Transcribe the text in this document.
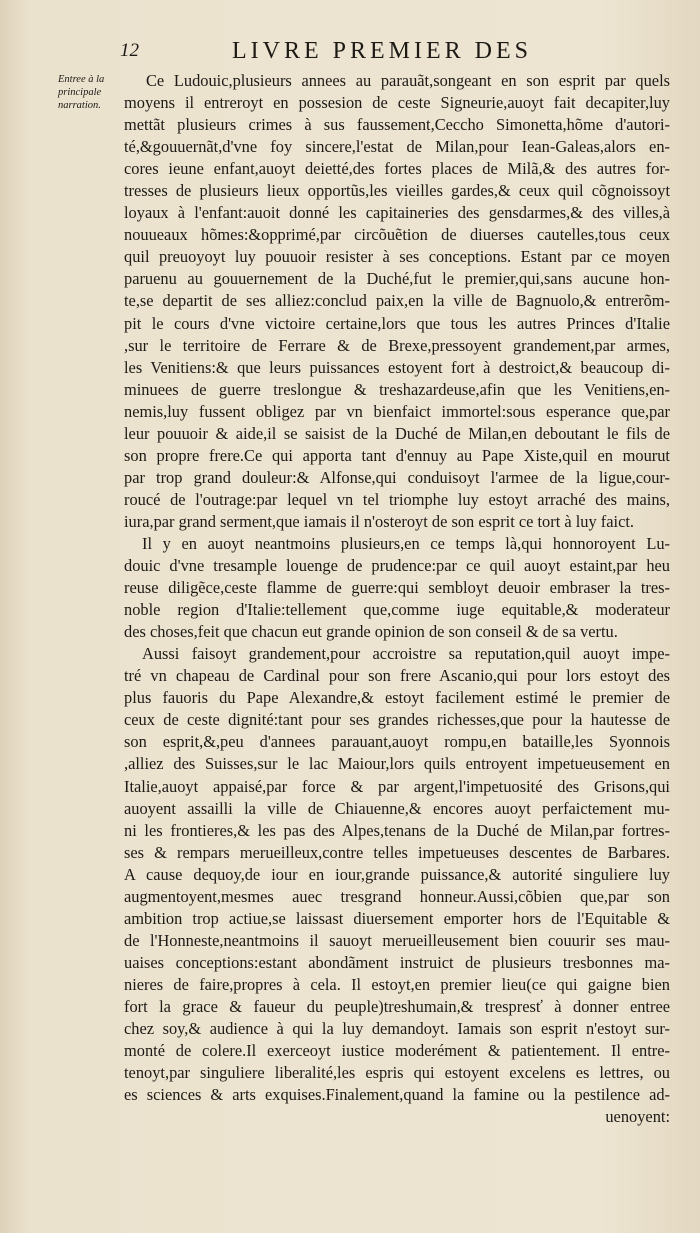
12	LIVRE PREMIER DES
Entree à la
principale
narration.
Ce Ludouic,plusieurs annees au parauãt,songeant en son esprit par quels
moyens il entreroyt en possesion de ceste Signeurie,auoyt fait decapiter,luy
mettãt plusieurs crimes à sus faussement,Ceccho Simonetta,hõme d'autori-
té,&gouuernãt,d'vne foy sincere,l'estat de Milan,pour Iean-Galeas,alors en-
cores ieune enfant,auoyt deietté,des fortes places de Milã,& des autres for-
tresses de plusieurs lieux opportũs,les vieilles gardes,& ceux quil cõgnoissoyt
loyaux à l'enfant:auoit donné les capitaineries des gensdarmes,& des villes,à
nouueaux hõmes:&opprimé,par circõuẽtion de diuerses cautelles,tous ceux
quil preuoyoyt luy pouuoir resister à ses conceptions. Estant par ce moyen
paruenu au gouuernement de la Duché,fut le premier,qui,sans aucune hon-
te,se departit de ses alliez:conclud paix,en la ville de Bagnuolo,& entrerõm-
pit le cours d'vne victoire certaine,lors que tous les autres Princes d'Italie
,sur le territoire de Ferrare & de Brexe,pressoyent grandement,par armes,
les Venitiens:& que leurs puissances estoyent fort à destroict,& beaucoup di-
minuees de guerre treslongue & treshazardeuse,afin que les Venitiens,en-
nemis,luy fussent obligez par vn bienfaict immortel:sous esperance que,par
leur pouuoir & aide,il se saisist de la Duché de Milan,en deboutant le fils de
son propre frere.Ce qui apporta tant d'ennuy au Pape Xiste,quil en mourut
par trop grand douleur:& Alfonse,qui conduisoyt l'armee de la ligue,cour-
roucé de l'outrage:par lequel vn tel triomphe luy estoyt arraché des mains,
iura,par grand serment,que iamais il n'osteroyt de son esprit ce tort à luy faict.
Il y en auoyt neantmoins plusieurs,en ce temps là,qui honnoroyent Lu-
douic d'vne tresample louenge de prudence:par ce quil auoyt estaint,par heu
reuse diligẽce,ceste flamme de guerre:qui sembloyt deuoir embraser la tres-
noble region d'Italie:tellement que,comme iuge equitable,& moderateur
des choses,feit que chacun eut grande opinion de son conseil & de sa vertu.
Aussi faisoyt grandement,pour accroistre sa reputation,quil auoyt impe-
tré vn chapeau de Cardinal pour son frere Ascanio,qui pour lors estoyt des
plus fauoris du Pape Alexandre,& estoyt facilement estimé le premier de
ceux de ceste dignité:tant pour ses grandes richesses,que pour la hautesse de
son esprit,&,peu d'annees parauant,auoyt rompu,en bataille,les Syonnois
,alliez des Suisses,sur le lac Maiour,lors quils entroyent impetueusement en
Italie,auoyt appaisé,par force & par argent,l'impetuosité des Grisons,qui
auoyent assailli la ville de Chiauenne,& encores auoyt perfaictement mu-
ni les frontieres,& les pas des Alpes,tenans de la Duché de Milan,par fortres-
ses & rempars merueilleux,contre telles impetueuses descentes de Barbares.
A cause dequoy,de iour en iour,grande puissance,& autorité singuliere luy
augmentoyent,mesmes auec tresgrand honneur.Aussi,cõbien que,par son
ambition trop actiue,se laissast diuersement emporter hors de l'Equitable &
de l'Honneste,neantmoins il sauoyt merueilleusement bien couurir ses mau-
uaises conceptions:estant abondãment instruict de plusieurs tresbonnes ma-
nieres de faire,propres à cela. Il estoyt,en premier lieu(ce qui gaigne bien
fort la grace & faueur du peuple)treshumain,& trespresť à donner entree
chez soy,& audience à qui la luy demandoyt. Iamais son esprit n'estoyt sur-
monté de colere.Il exerceoyt iustice moderément & patientement. Il entre-
tenoyt,par singuliere liberalité,les espris qui estoyent excelens es lettres, ou
es sciences & arts exquises.Finalement,quand la famine ou la pestilence ad-
uenoyent:
